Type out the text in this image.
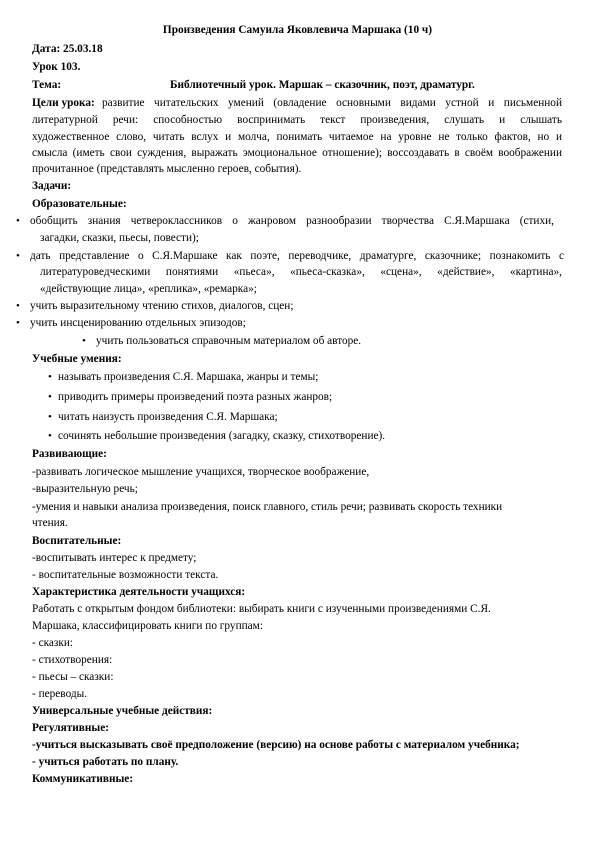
Произведения Самуила Яковлевича Маршака (10 ч)
Дата: 25.03.18
Урок 103.
Тема:	Библиотечный урок. Маршак – сказочник, поэт, драматург.
Цели урока: развитие читательских умений (овладение основными видами устной и письменной
литературной речи: способностью воспринимать текст произведения, слушать и слышать
художественное слово, читать вслух и молча, понимать читаемое на уровне не только фактов, но и
смысла (иметь свои суждения, выражать эмоциональное отношение); воссоздавать в своём воображении
прочитанное (представлять мысленно героев, события).
Задачи:
Образовательные:
• обобщить знания четвероклассников о жанровом разнообразии творчества С.Я.Маршака (стихи,
загадки, сказки, пьесы, повести);
• дать представление о С.Я.Маршаке как поэте, переводчике, драматурге, сказочнике; познакомить с
литературоведческими понятиями «пьеса», «пьеса-сказка», «сцена», «действие», «картина»,
«действующие лица», «реплика», «ремарка»;
• учить выразительному чтению стихов, диалогов, сцен;
• учить инсценированию отдельных эпизодов;
• учить пользоваться справочным материалом об авторе.
Учебные умения:
• называть произведения С.Я. Маршака, жанры и темы;
• приводить примеры произведений поэта разных жанров;
• читать наизусть произведения С.Я. Маршака;
• сочинять небольшие произведения (загадку, сказку, стихотворение).
Развивающие:
-развивать логическое мышление учащихся, творческое воображение,
-выразительную речь;
-умения и навыки анализа произведения, поиск главного, стиль речи; развивать скорость техники
чтения.
Воспитательные:
-воспитывать интерес к предмету;
- воспитательные возможности текста.
Характеристика деятельности учащихся:
Работать с открытым фондом библиотеки: выбирать книги с изученными произведениями С.Я.
Маршака, классифицировать книги по группам:
- сказки:
- стихотворения:
- пьесы – сказки:
- переводы.
Универсальные учебные действия:
Регулятивные:
-учиться высказывать своё предположение (версию) на основе работы с материалом учебника;
- учиться работать по плану.
Коммуникативные:
